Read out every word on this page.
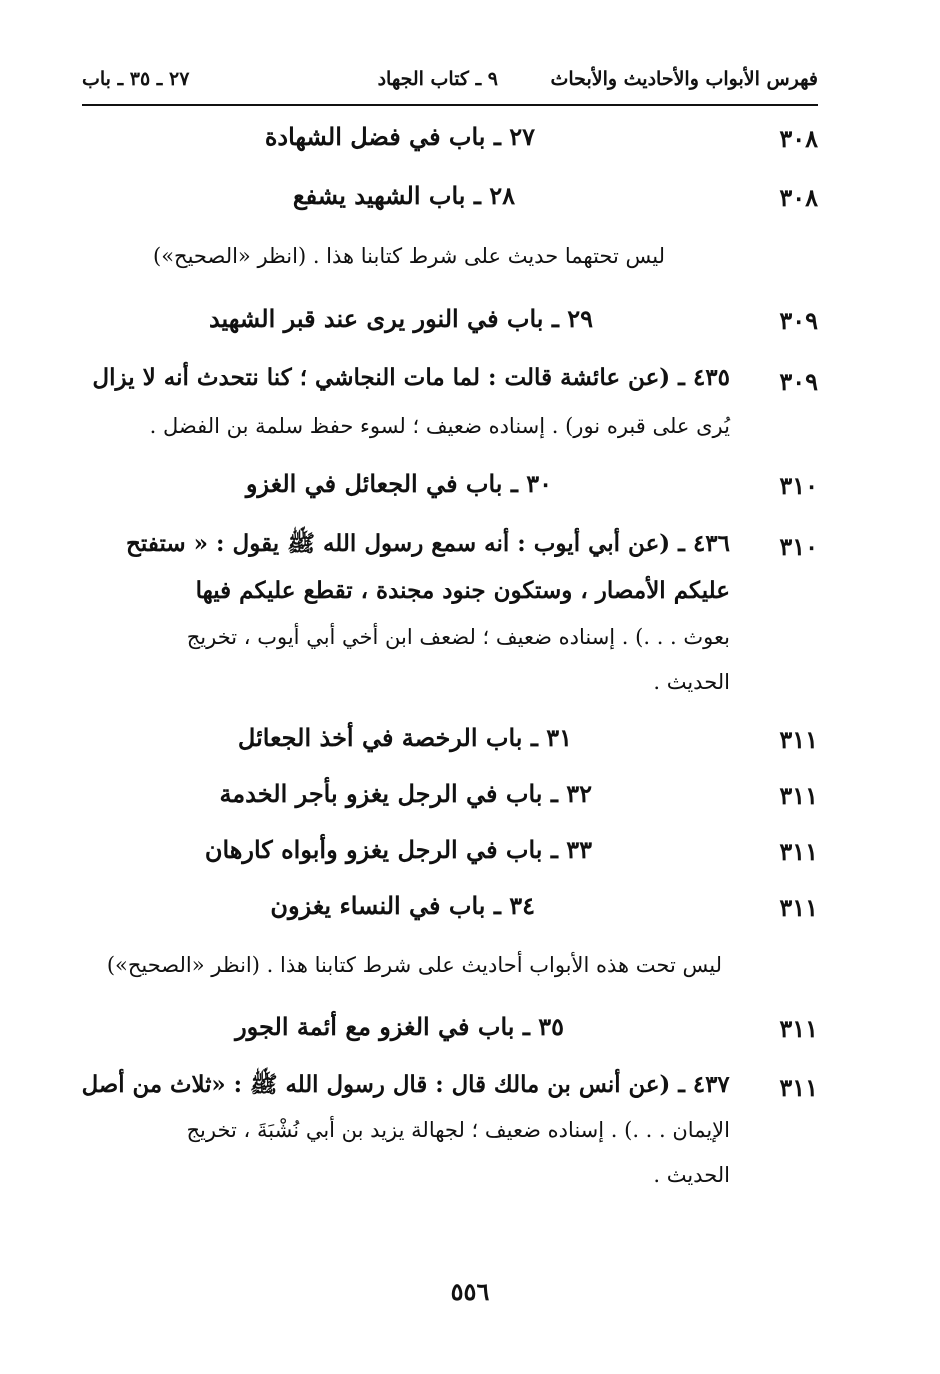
فهرس الأبواب والأحاديث والأبحاث
٩ ـ كتاب الجهاد
٢٧ ـ ٣٥ ـ باب
٣٠٨
٢٧ ـ باب في فضل الشهادة
٣٠٨
٢٨ ـ باب الشهيد يشفع
ليس تحتهما حديث على شرط كتابنا هذا . (انظر «الصحيح»)
٣٠٩
٢٩ ـ باب في النور يرى عند قبر الشهيد
٣٠٩
٤٣٥ ـ (عن عائشة قالت : لما مات النجاشي ؛ كنا نتحدث أنه لا يزال
يُرى على قبره نور) . إسناده ضعيف ؛ لسوء حفظ سلمة بن الفضل .
٣١٠
٣٠ ـ باب في الجعائل في الغزو
٣١٠
٤٣٦ ـ (عن أبي أيوب : أنه سمع رسول الله ﷺ يقول : « ستفتح
عليكم الأمصار ، وستكون جنود مجندة ، تقطع عليكم فيها
بعوث . . .) . إسناده ضعيف ؛ لضعف ابن أخي أبي أيوب ، تخريج
الحديث .
٣١١
٣١ ـ باب الرخصة في أخذ الجعائل
٣١١
٣٢ ـ باب في الرجل يغزو بأجر الخدمة
٣١١
٣٣ ـ باب في الرجل يغزو وأبواه كارهان
٣١١
٣٤ ـ باب في النساء يغزون
ليس تحت هذه الأبواب أحاديث على شرط كتابنا هذا . (انظر «الصحيح»)
٣١١
٣٥ ـ باب في الغزو مع أئمة الجور
٣١١
٤٣٧ ـ (عن أنس بن مالك قال : قال رسول الله ﷺ : «ثلاث من أصل
الإيمان . . .) . إسناده ضعيف ؛ لجهالة يزيد بن أبي نُشْبَةَ ، تخريج
الحديث .
٥٥٦
